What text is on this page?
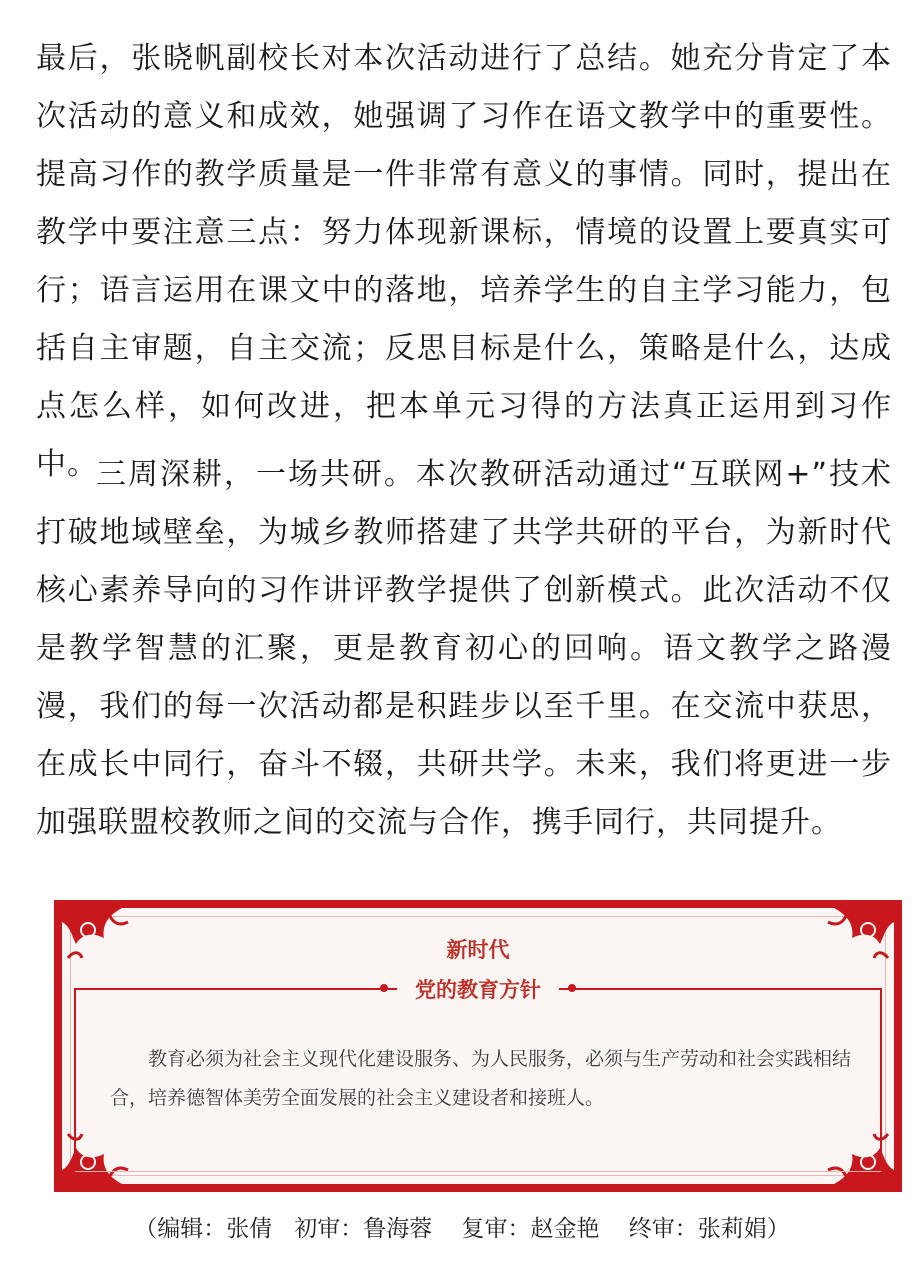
最后，张晓帆副校长对本次活动进行了总结。她充分肯定了本次活动的意义和成效，她强调了习作在语文教学中的重要性。提高习作的教学质量是一件非常有意义的事情。同时，提出在教学中要注意三点：努力体现新课标，情境的设置上要真实可行；语言运用在课文中的落地，培养学生的自主学习能力，包括自主审题，自主交流；反思目标是什么，策略是什么，达成点怎么样，如何改进，把本单元习得的方法真正运用到习作中。
三周深耕，一场共研。本次教研活动通过“互联网+”技术打破地域壁垒，为城乡教师搭建了共学共研的平台，为新时代核心素养导向的习作讲评教学提供了创新模式。此次活动不仅是教学智慧的汇聚，更是教育初心的回响。语文教学之路漫漫，我们的每一次活动都是积跬步以至千里。在交流中获思，在成长中同行，奋斗不辍，共研共学。未来，我们将更进一步加强联盟校教师之间的交流与合作，携手同行，共同提升。
新时代
党的教育方针
教育必须为社会主义现代化建设服务、为人民服务，必须与生产劳动和社会实践相结合，培养德智体美劳全面发展的社会主义建设者和接班人。
（编辑：张倩   初审：鲁海蓉    复审：赵金艳    终审：张莉娟）
